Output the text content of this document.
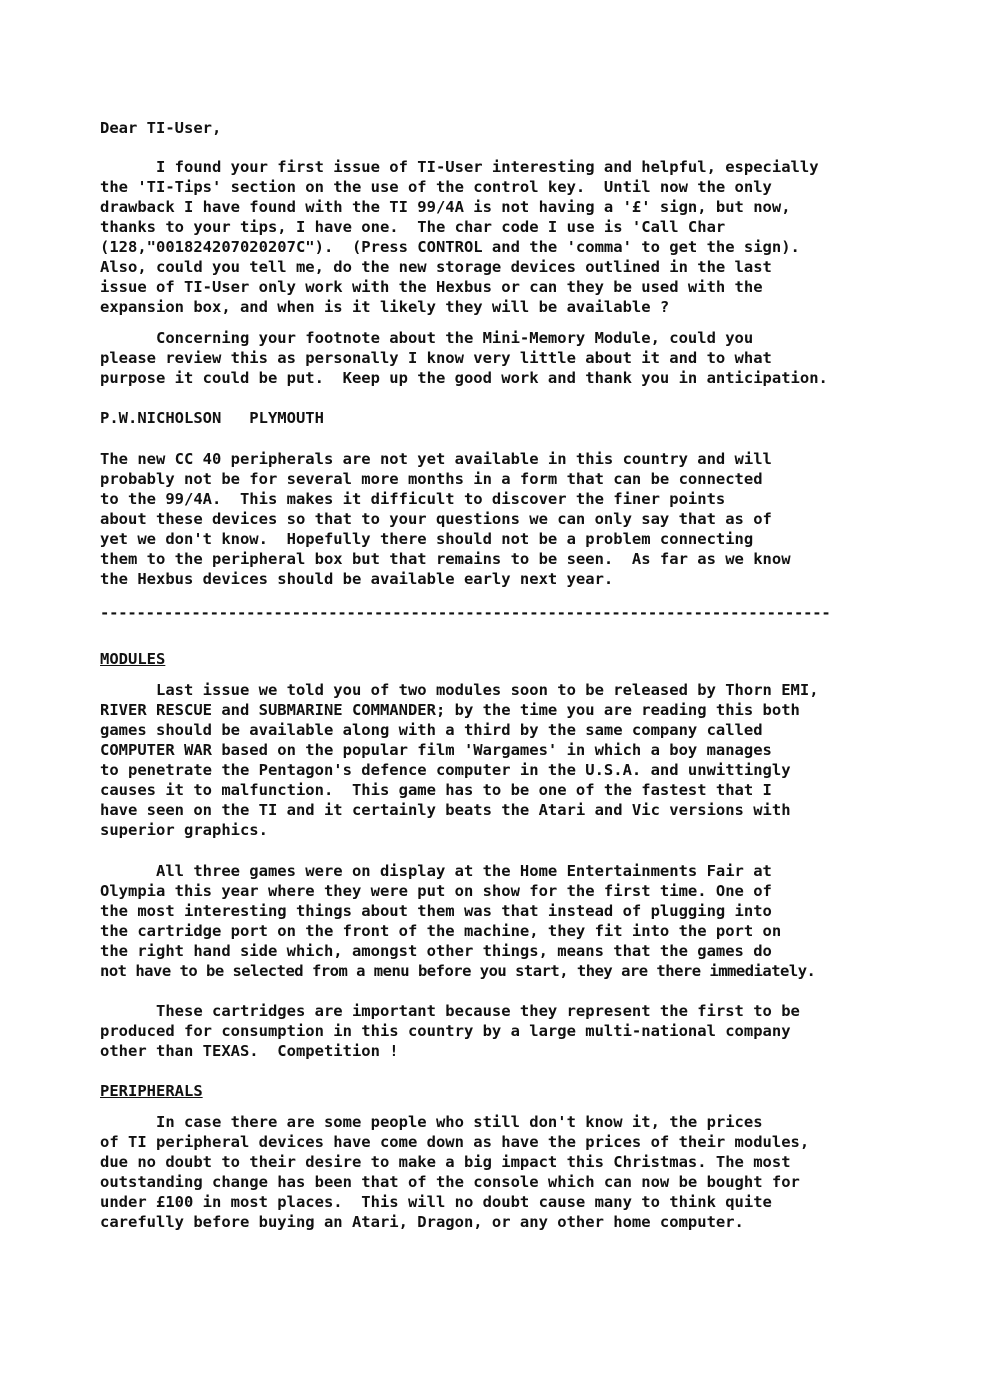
Dear TI-User,
I found your first issue of TI-User interesting and helpful, especially
the 'TI-Tips' section on the use of the control key.  Until now the only
drawback I have found with the TI 99/4A is not having a '£' sign, but now,
thanks to your tips, I have one.  The char code I use is 'Call Char
(128,"001824207020207C").  (Press CONTROL and the 'comma' to get the sign).
Also, could you tell me, do the new storage devices outlined in the last
issue of TI-User only work with the Hexbus or can they be used with the
expansion box, and when is it likely they will be available ?
Concerning your footnote about the Mini-Memory Module, could you
please review this as personally I know very little about it and to what
purpose it could be put.  Keep up the good work and thank you in anticipation.
P.W.NICHOLSON   PLYMOUTH
The new CC 40 peripherals are not yet available in this country and will
probably not be for several more months in a form that can be connected
to the 99/4A.  This makes it difficult to discover the finer points
about these devices so that to your questions we can only say that as of
yet we don't know.  Hopefully there should not be a problem connecting
them to the peripheral box but that remains to be seen.  As far as we know
the Hexbus devices should be available early next year.
--------------------------------------------------------------------------------
MODULES
Last issue we told you of two modules soon to be released by Thorn EMI,
RIVER RESCUE and SUBMARINE COMMANDER; by the time you are reading this both
games should be available along with a third by the same company called
COMPUTER WAR based on the popular film 'Wargames' in which a boy manages
to penetrate the Pentagon's defence computer in the U.S.A. and unwittingly
causes it to malfunction.  This game has to be one of the fastest that I
have seen on the TI and it certainly beats the Atari and Vic versions with
superior graphics.
All three games were on display at the Home Entertainments Fair at
Olympia this year where they were put on show for the first time. One of
the most interesting things about them was that instead of plugging into
the cartridge port on the front of the machine, they fit into the port on
the right hand side which, amongst other things, means that the games do
not have to be selected from a menu before you start, they are there immediately.
These cartridges are important because they represent the first to be
produced for consumption in this country by a large multi-national company
other than TEXAS.  Competition !
PERIPHERALS
In case there are some people who still don't know it, the prices
of TI peripheral devices have come down as have the prices of their modules,
due no doubt to their desire to make a big impact this Christmas. The most
outstanding change has been that of the console which can now be bought for
under £100 in most places.  This will no doubt cause many to think quite
carefully before buying an Atari, Dragon, or any other home computer.
